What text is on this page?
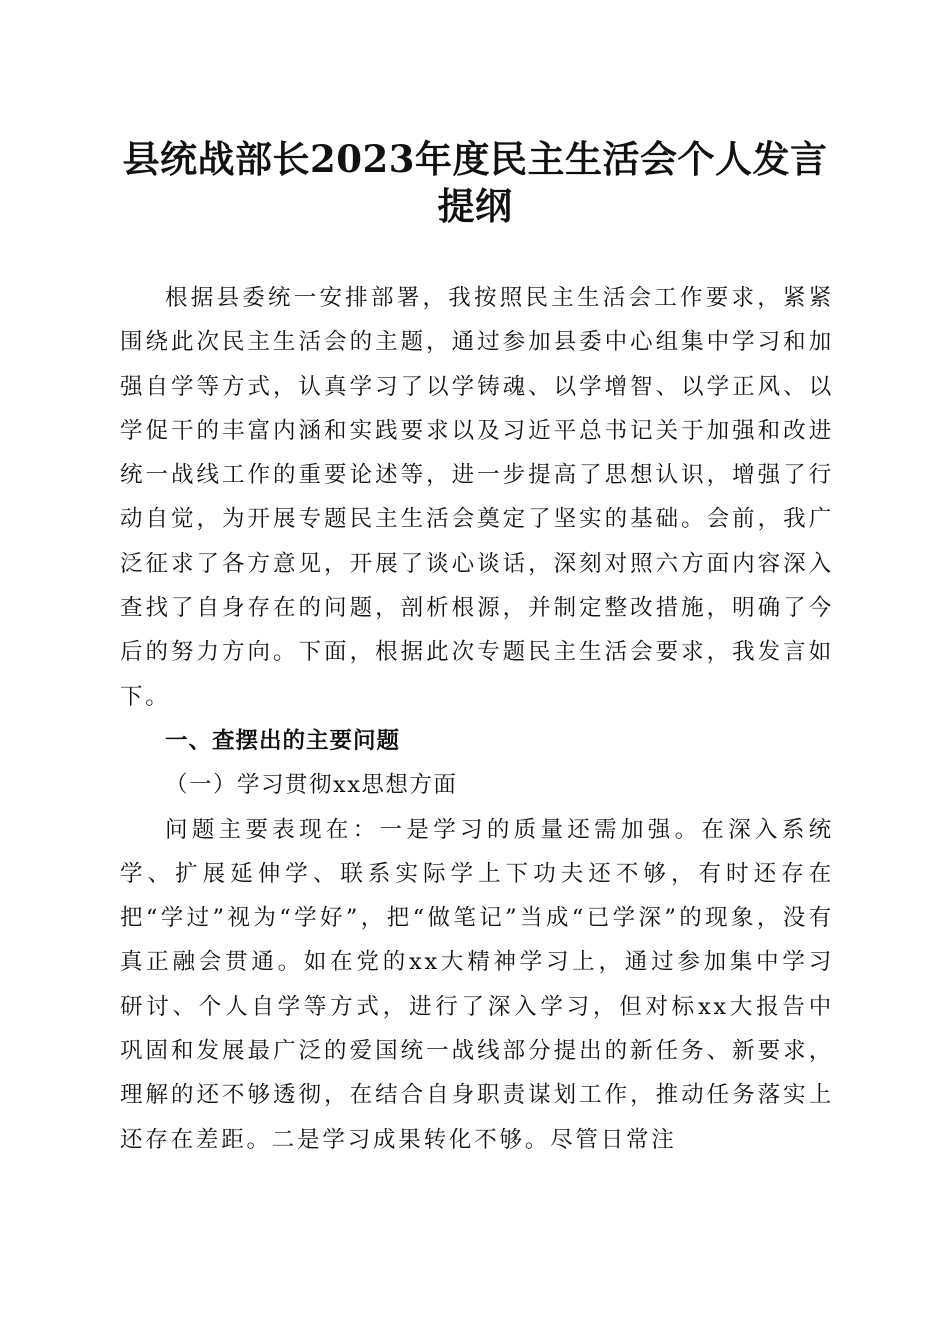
县统战部长2023年度民主生活会个人发言提纲

根据县委统一安排部署，我按照民主生活会工作要求，紧紧围绕此次民主生活会的主题，通过参加县委中心组集中学习和加强自学等方式，认真学习了以学铸魂、以学增智、以学正风、以学促干的丰富内涵和实践要求以及习近平总书记关于加强和改进统一战线工作的重要论述等，进一步提高了思想认识，增强了行动自觉，为开展专题民主生活会奠定了坚实的基础。会前，我广泛征求了各方意见，开展了谈心谈话，深刻对照六方面内容深入查找了自身存在的问题，剖析根源，并制定整改措施，明确了今后的努力方向。下面，根据此次专题民主生活会要求，我发言如下。

一、查摆出的主要问题

（一）学习贯彻xx思想方面

问题主要表现在：一是学习的质量还需加强。在深入系统学、扩展延伸学、联系实际学上下功夫还不够，有时还存在把“学过”视为“学好”，把“做笔记”当成“已学深”的现象，没有真正融会贯通。如在党的xx大精神学习上，通过参加集中学习研讨、个人自学等方式，进行了深入学习，但对标xx大报告中巩固和发展最广泛的爱国统一战线部分提出的新任务、新要求，理解的还不够透彻，在结合自身职责谋划工作，推动任务落实上还存在差距。二是学习成果转化不够。尽管日常注
